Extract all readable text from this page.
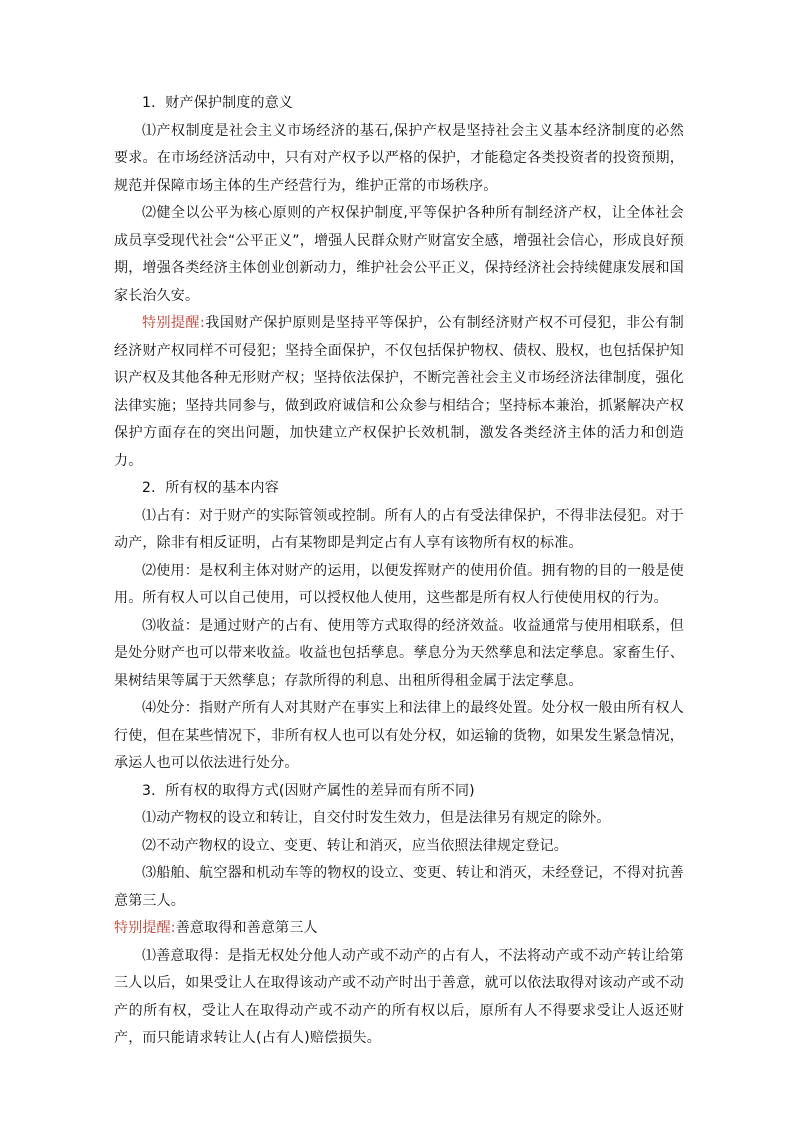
1．财产保护制度的意义

⑴产权制度是社会主义市场经济的基石,保护产权是坚持社会主义基本经济制度的必然要求。在市场经济活动中，只有对产权予以严格的保护，才能稳定各类投资者的投资预期，规范并保障市场主体的生产经营行为，维护正常的市场秩序。

⑵健全以公平为核心原则的产权保护制度,平等保护各种所有制经济产权，让全体社会成员享受现代社会“公平正义”，增强人民群众财产财富安全感，增强社会信心，形成良好预期，增强各类经济主体创业创新动力，维护社会公平正义，保持经济社会持续健康发展和国家长治久安。

特别提醒:我国财产保护原则是坚持平等保护，公有制经济财产权不可侵犯，非公有制经济财产权同样不可侵犯；坚持全面保护，不仅包括保护物权、债权、股权，也包括保护知识产权及其他各种无形财产权；坚持依法保护，不断完善社会主义市场经济法律制度，强化法律实施；坚持共同参与，做到政府诚信和公众参与相结合；坚持标本兼治，抓紧解决产权保护方面存在的突出问题，加快建立产权保护长效机制，激发各类经济主体的活力和创造力。

2．所有权的基本内容

⑴占有：对于财产的实际管领或控制。所有人的占有受法律保护，不得非法侵犯。对于动产，除非有相反证明，占有某物即是判定占有人享有该物所有权的标准。

⑵使用：是权利主体对财产的运用，以便发挥财产的使用价值。拥有物的目的一般是使用。所有权人可以自己使用，可以授权他人使用，这些都是所有权人行使使用权的行为。

⑶收益：是通过财产的占有、使用等方式取得的经济效益。收益通常与使用相联系，但是处分财产也可以带来收益。收益也包括孳息。孳息分为天然孳息和法定孳息。家畜生仔、果树结果等属于天然孳息；存款所得的利息、出租所得租金属于法定孳息。

⑷处分：指财产所有人对其财产在事实上和法律上的最终处置。处分权一般由所有权人行使，但在某些情况下，非所有权人也可以有处分权，如运输的货物，如果发生紧急情况，承运人也可以依法进行处分。

3．所有权的取得方式(因财产属性的差异而有所不同)

⑴动产物权的设立和转让，自交付时发生效力，但是法律另有规定的除外。

⑵不动产物权的设立、变更、转让和消灭，应当依照法律规定登记。

⑶船舶、航空器和机动车等的物权的设立、变更、转让和消灭，未经登记，不得对抗善意第三人。

特别提醒:善意取得和善意第三人

⑴善意取得：是指无权处分他人动产或不动产的占有人，不法将动产或不动产转让给第三人以后，如果受让人在取得该动产或不动产时出于善意，就可以依法取得对该动产或不动产的所有权，受让人在取得动产或不动产的所有权以后，原所有人不得要求受让人返还财产，而只能请求转让人(占有人)赔偿损失。
